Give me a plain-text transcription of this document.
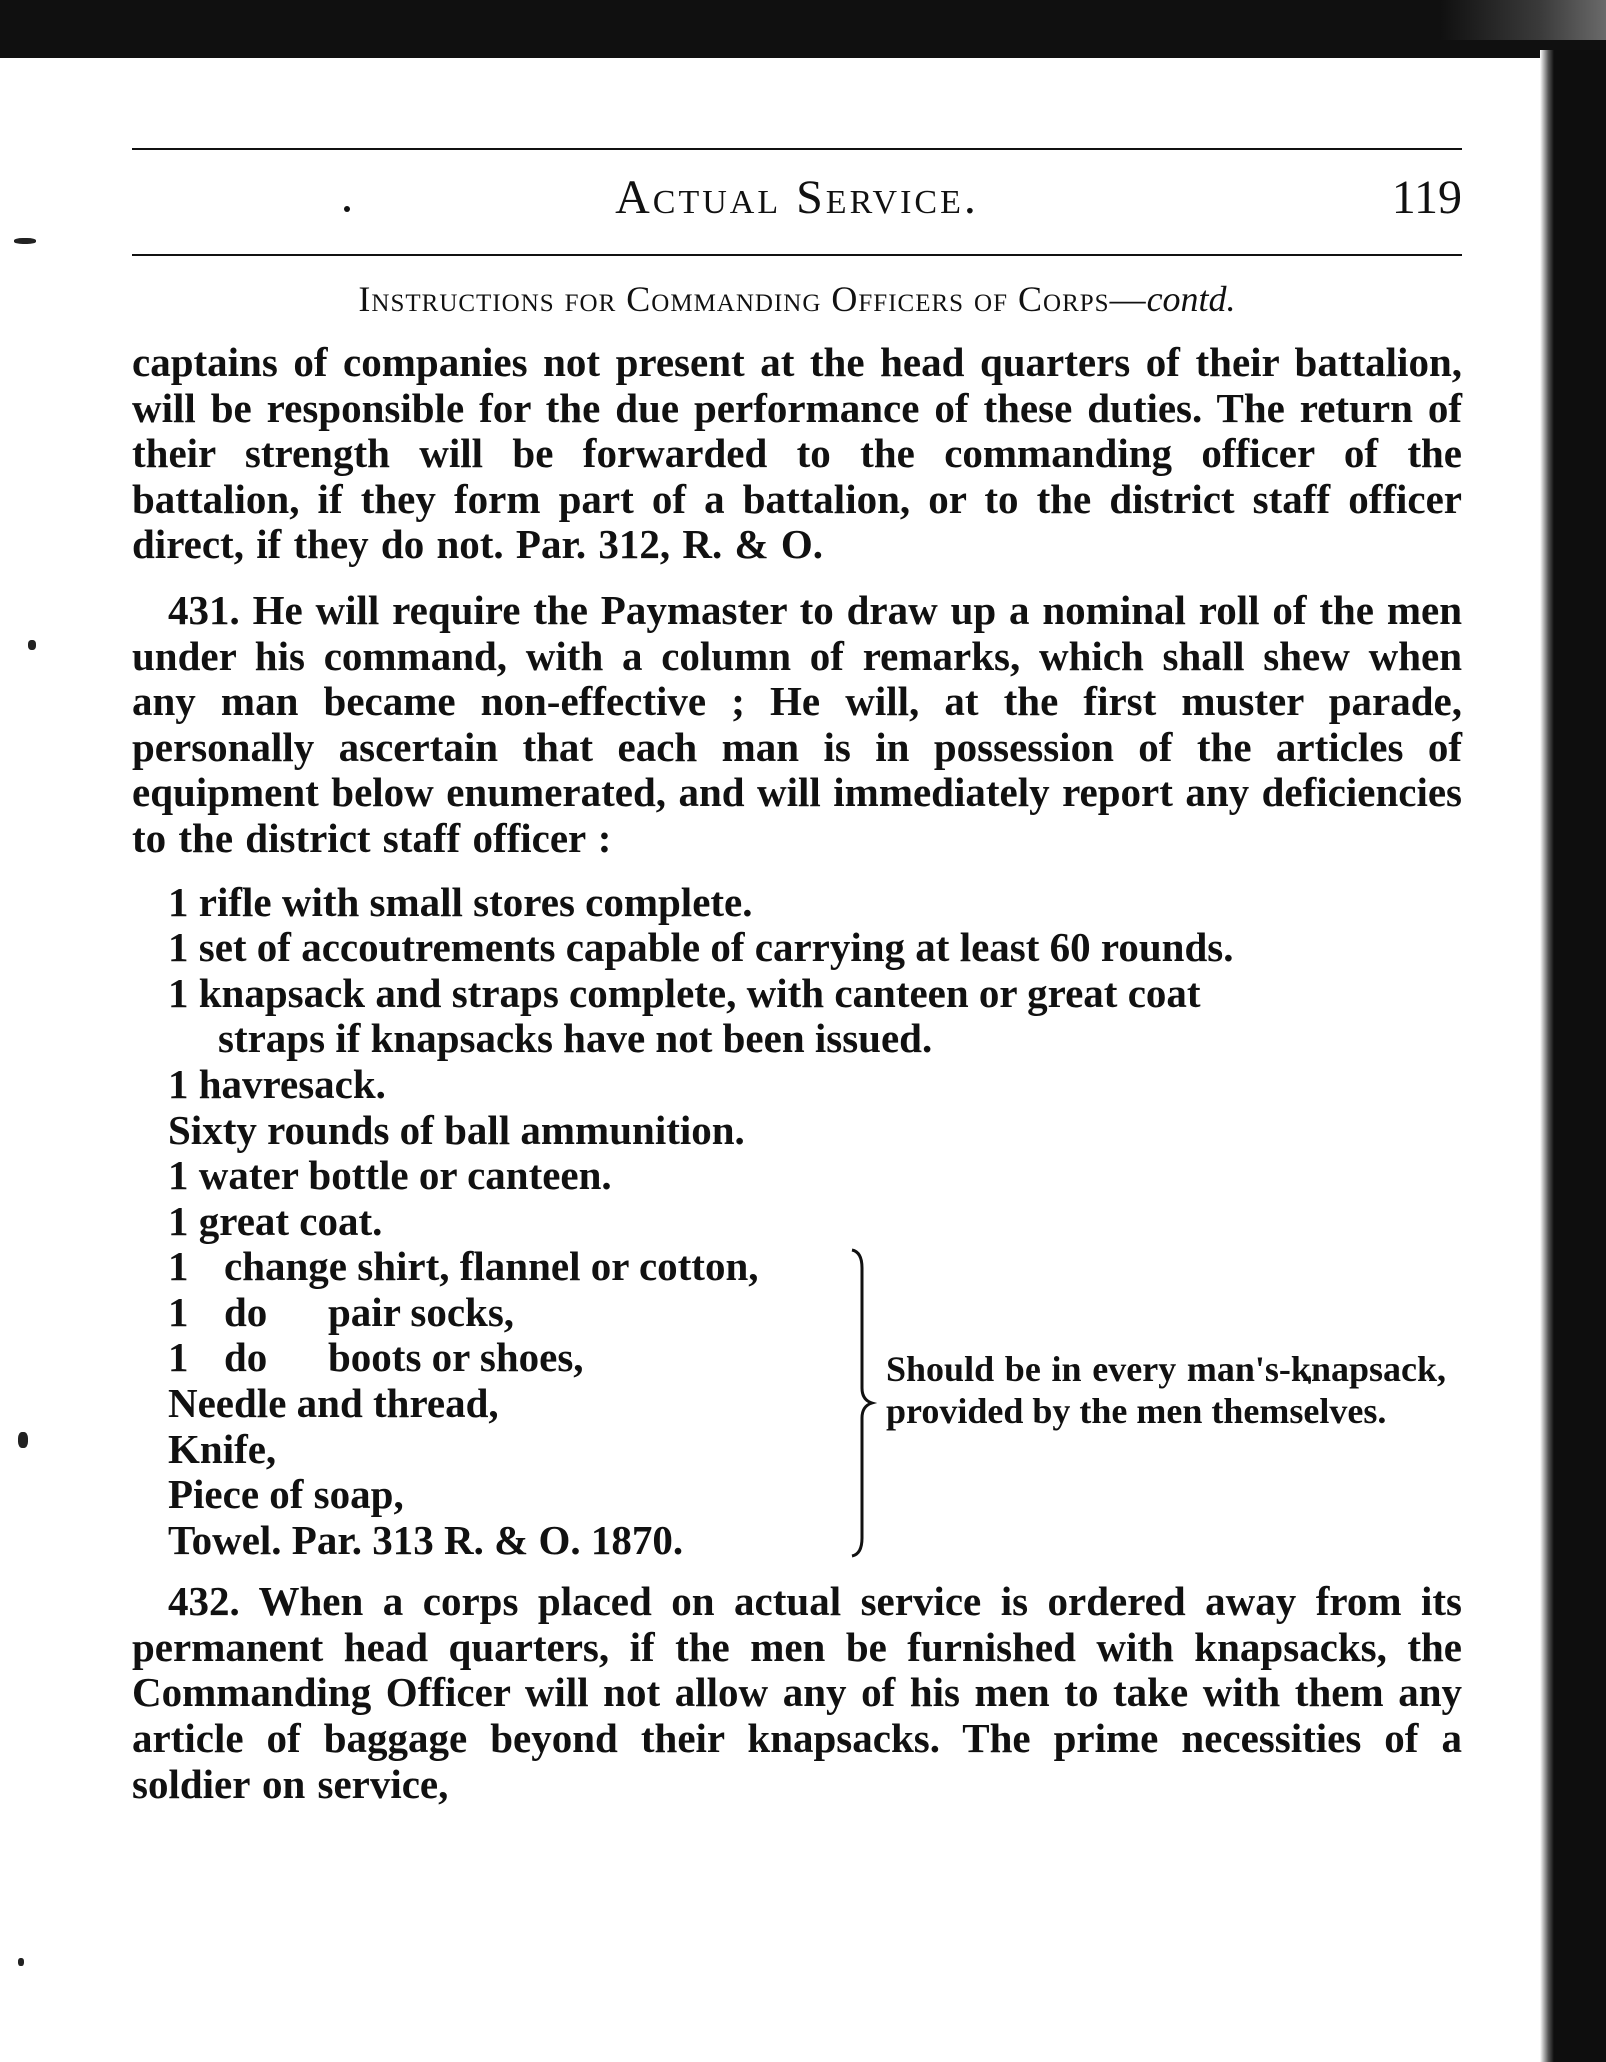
Actual Service.	119
Instructions for Commanding Officers of Corps—contd.

captains of companies not present at the head quarters of their battalion, will be responsible for the due performance of these duties. The return of their strength will be forwarded to the commanding officer of the battalion, if they form part of a battalion, or to the district staff officer direct, if they do not. Par. 312, R. & O.

431. He will require the Paymaster to draw up a nominal roll of the men under his command, with a column of remarks, which shall shew when any man became non-effective ; He will, at the first muster parade, personally ascertain that each man is in possession of the articles of equipment below enumerated, and will immediately report any deficiencies to the district staff officer :

1 rifle with small stores complete.
1 set of accoutrements capable of carrying at least 60 rounds.
1 knapsack and straps complete, with canteen or great coat
straps if knapsacks have not been issued.
1 havresack.
Sixty rounds of ball ammunition.
1 water bottle or canteen.
1 great coat.
1 change shirt, flannel or cotton,
1 do pair socks,
1 do boots or shoes,
Needle and thread,
Knife,
Piece of soap,
Towel. Par. 313 R. & O. 1870.
Should be in every man's-knapsack, provided by the men themselves.

432. When a corps placed on actual service is ordered away from its permanent head quarters, if the men be furnished with knapsacks, the Commanding Officer will not allow any of his men to take with them any article of baggage beyond their knapsacks. The prime necessities of a soldier on service,
